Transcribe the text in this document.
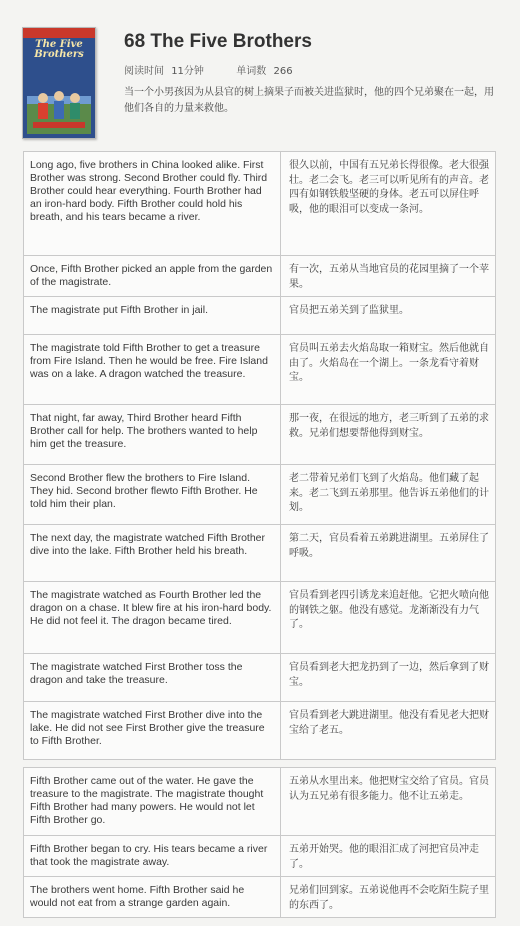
The Five
Brothers
68 The Five Brothers
阅读时间 11分钟	单词数 266
当一个小男孩因为从县官的树上摘果子而被关进监狱时，他的四个兄弟聚在一起，用他们各自的力量来救他。
Long ago, five brothers in China looked alike. First Brother was strong. Second Brother could fly. Third Brother could hear everything. Fourth Brother had an iron-hard body. Fifth Brother could hold his breath, and his tears became a river.	很久以前，中国有五兄弟长得很像。老大很强壮。老二会飞。老三可以听见所有的声音。老四有如钢铁般坚硬的身体。老五可以屏住呼吸，他的眼泪可以变成一条河。
Once, Fifth Brother picked an apple from the garden of the magistrate.	有一次，五弟从当地官员的花园里摘了一个苹果。
The magistrate put Fifth Brother in jail.	官员把五弟关到了监狱里。
The magistrate told Fifth Brother to get a treasure from Fire Island. Then he would be free. Fire Island was on a lake. A dragon watched the treasure.	官员叫五弟去火焰岛取一箱财宝。然后他就自由了。火焰岛在一个湖上。一条龙看守着财宝。
That night, far away, Third Brother heard Fifth Brother call for help. The brothers wanted to help him get the treasure.	那一夜，在很远的地方，老三听到了五弟的求救。兄弟们想要帮他得到财宝。
Second Brother flew the brothers to Fire Island. They hid. Second brother flewto Fifth Brother. He told him their plan.	老二带着兄弟们飞到了火焰岛。他们藏了起来。老二飞到五弟那里。他告诉五弟他们的计划。
The next day, the magistrate watched Fifth Brother dive into the lake. Fifth Brother held his breath.	第二天，官员看着五弟跳进湖里。五弟屏住了呼吸。
The magistrate watched as Fourth Brother led the dragon on a chase. It blew fire at his iron-hard body. He did not feel it. The dragon became tired.	官员看到老四引诱龙来追赶他。它把火喷向他的钢铁之躯。他没有感觉。龙渐渐没有力气了。
The magistrate watched First Brother toss the dragon and take the treasure.	官员看到老大把龙扔到了一边，然后拿到了财宝。
The magistrate watched First Brother dive into the lake. He did not see First Brother give the treasure to Fifth Brother.	官员看到老大跳进湖里。他没有看见老大把财宝给了老五。
Fifth Brother came out of the water. He gave the treasure to the magistrate. The magistrate thought Fifth Brother had many powers. He would not let Fifth Brother go.	五弟从水里出来。他把财宝交给了官员。官员认为五兄弟有很多能力。他不让五弟走。
Fifth Brother began to cry. His tears became a river that took the magistrate away.	五弟开始哭。他的眼泪汇成了河把官员冲走了。
The brothers went home. Fifth Brother said he would not eat from a strange garden again.	兄弟们回到家。五弟说他再不会吃陌生院子里的东西了。
